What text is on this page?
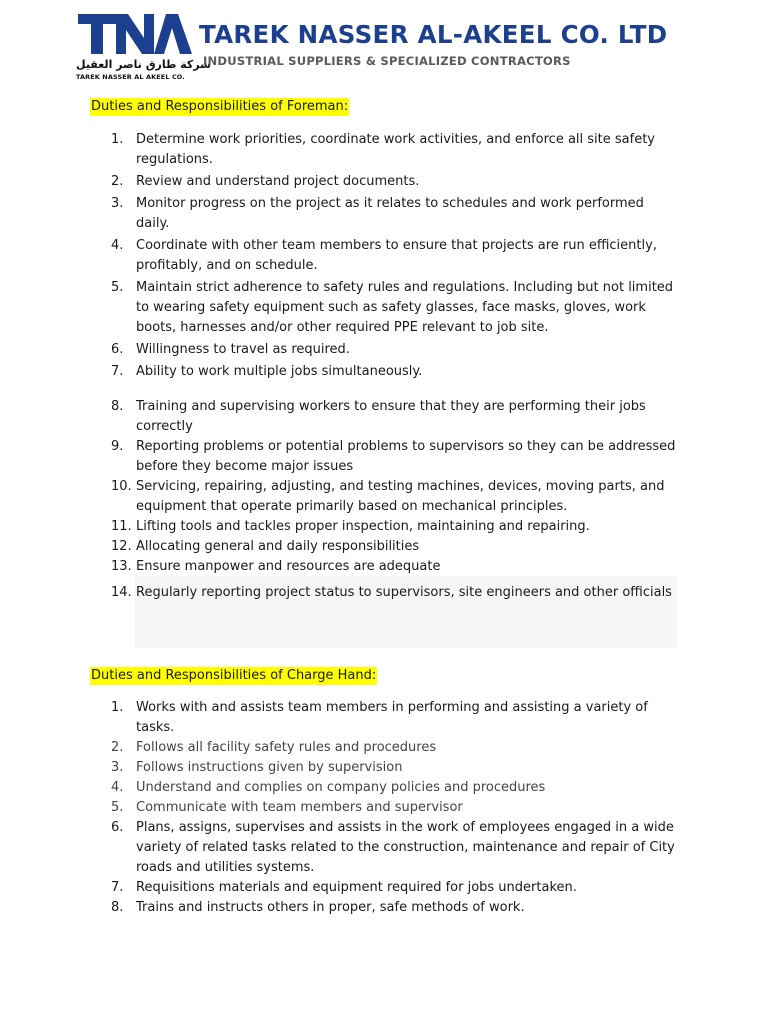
شركة طارق ناصر العقيل
TAREK NASSER AL AKEEL CO.
TAREK NASSER AL-AKEEL CO. LTD
INDUSTRIAL SUPPLIERS & SPECIALIZED CONTRACTORS
Duties and Responsibilities of Foreman:
1. Determine work priorities, coordinate work activities, and enforce all site safety regulations.
2. Review and understand project documents.
3. Monitor progress on the project as it relates to schedules and work performed daily.
4. Coordinate with other team members to ensure that projects are run efficiently, profitably, and on schedule.
5. Maintain strict adherence to safety rules and regulations. Including but not limited to wearing safety equipment such as safety glasses, face masks, gloves, work boots, harnesses and/or other required PPE relevant to job site.
6. Willingness to travel as required.
7. Ability to work multiple jobs simultaneously.
8. Training and supervising workers to ensure that they are performing their jobs correctly
9. Reporting problems or potential problems to supervisors so they can be addressed before they become major issues
10. Servicing, repairing, adjusting, and testing machines, devices, moving parts, and equipment that operate primarily based on mechanical principles.
11. Lifting tools and tackles proper inspection, maintaining and repairing.
12. Allocating general and daily responsibilities
13. Ensure manpower and resources are adequate
14. Regularly reporting project status to supervisors, site engineers and other officials
Duties and Responsibilities of Charge Hand:
1. Works with and assists team members in performing and assisting a variety of tasks.
2. Follows all facility safety rules and procedures
3. Follows instructions given by supervision
4. Understand and complies on company policies and procedures
5. Communicate with team members and supervisor
6. Plans, assigns, supervises and assists in the work of employees engaged in a wide variety of related tasks related to the construction, maintenance and repair of City roads and utilities systems.
7. Requisitions materials and equipment required for jobs undertaken.
8. Trains and instructs others in proper, safe methods of work.
